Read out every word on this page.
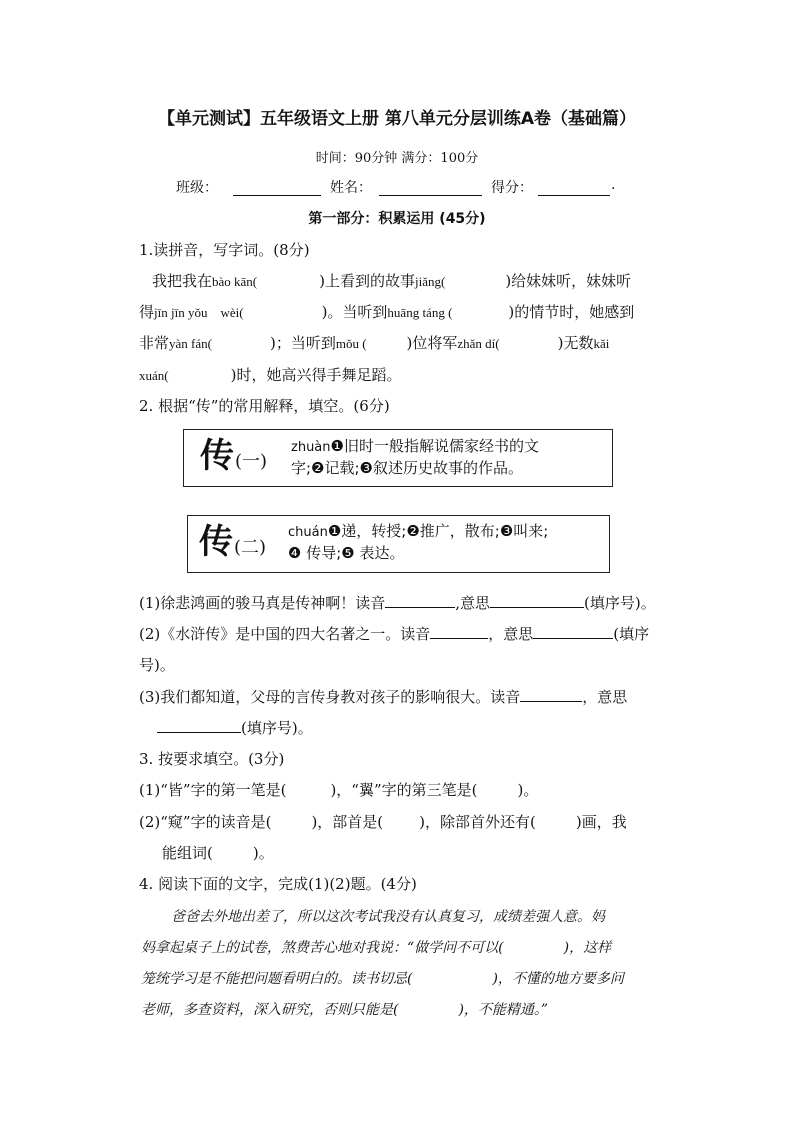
【单元测试】五年级语文上册 第八单元分层训练A卷（基础篇）
时间：90分钟 满分：100分
班级：	姓名：	得分：	.
第一部分：积累运用 (45分)
1.读拼音，写字词。(8分)
我把我在bào kān(	)上看到的故事jiǎng(	)给妹妹听，妹妹听
得jīn jīn yǒu    wèi(	)。当听到huāng táng (	)的情节时，她感到
非常yàn fán(	)；当听到mǒu (	)位将军zhǎn dí(	)无数kǎi
xuán(	)时，她高兴得手舞足蹈。
2. 根据“传”的常用解释，填空。(6分)
传 (一)
zhuàn❶旧时一般指解说儒家经书的文
字;❷记载;❸叙述历史故事的作品。
传 (二)
chuán❶递，转授;❷推广，散布;❸叫来;
❹ 传导;❺ 表达。
(1)徐悲鸿画的骏马真是传神啊！读音	,意思	(填序号)。
(2)《水浒传》是中国的四大名著之一。读音	，意思	(填序
号)。
(3)我们都知道，父母的言传身教对孩子的影响很大。读音	，意思
(填序号)。
3. 按要求填空。(3分)
(1)“皆”字的第一笔是(	)，“翼”字的第三笔是(	)。
(2)“窥”字的读音是(	)，部首是( )，除部首外还有(	)画，我
能组词(	)。
4. 阅读下面的文字，完成(1)(2)题。(4分)
爸爸去外地出差了，所以这次考试我没有认真复习，成绩差强人意。妈
妈拿起桌子上的试卷，煞费苦心地对我说：“做学问不可以(	)，这样
笼统学习是不能把问题看明白的。读书切忌(	)，不懂的地方要多问
老师，多查资料，深入研究，否则只能是(	)，不能精通。”
